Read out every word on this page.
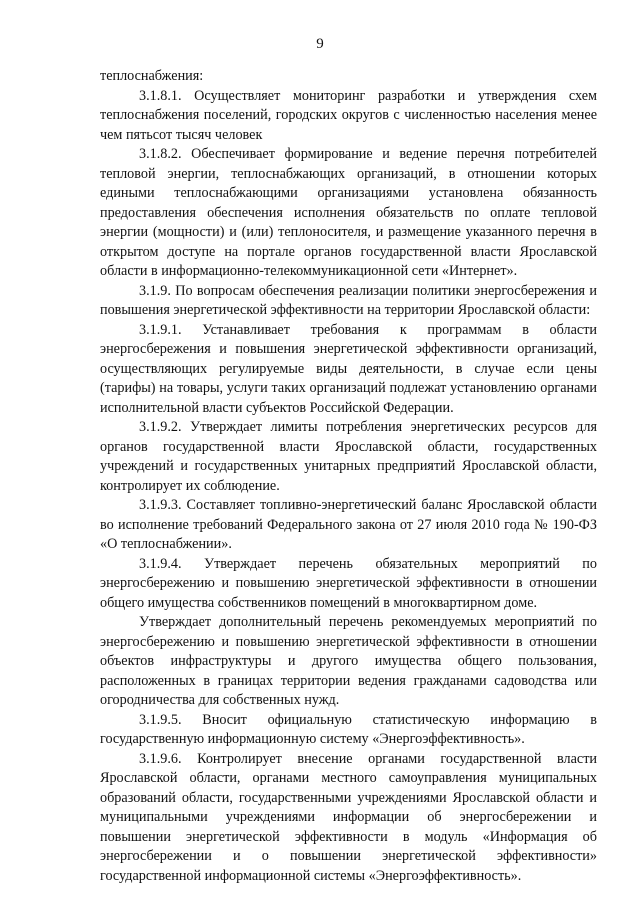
9

теплоснабжения:

3.1.8.1. Осуществляет мониторинг разработки и утверждения схем теплоснабжения поселений, городских округов с численностью населения менее чем пятьсот тысяч человек

3.1.8.2. Обеспечивает формирование и ведение перечня потребителей тепловой энергии, теплоснабжающих организаций, в отношении которых едиными теплоснабжающими организациями установлена обязанность предоставления обеспечения исполнения обязательств по оплате тепловой энергии (мощности) и (или) теплоносителя, и размещение указанного перечня в открытом доступе на портале органов государственной власти Ярославской области в информационно-телекоммуникационной сети «Интернет».

3.1.9. По вопросам обеспечения реализации политики энергосбережения и повышения энергетической эффективности на территории Ярославской области:

3.1.9.1. Устанавливает требования к программам в области энергосбережения и повышения энергетической эффективности организаций, осуществляющих регулируемые виды деятельности, в случае если цены (тарифы) на товары, услуги таких организаций подлежат установлению органами исполнительной власти субъектов Российской Федерации.

3.1.9.2. Утверждает лимиты потребления энергетических ресурсов для органов государственной власти Ярославской области, государственных учреждений и государственных унитарных предприятий Ярославской области, контролирует их соблюдение.

3.1.9.3. Составляет топливно-энергетический баланс Ярославской области во исполнение требований Федерального закона от 27 июля 2010 года № 190-ФЗ «О теплоснабжении».

3.1.9.4. Утверждает перечень обязательных мероприятий по энергосбережению и повышению энергетической эффективности в отношении общего имущества собственников помещений в многоквартирном доме.

Утверждает дополнительный перечень рекомендуемых мероприятий по энергосбережению и повышению энергетической эффективности в отношении объектов инфраструктуры и другого имущества общего пользования, расположенных в границах территории ведения гражданами садоводства или огородничества для собственных нужд.

3.1.9.5. Вносит официальную статистическую информацию в государственную информационную систему «Энергоэффективность».

3.1.9.6. Контролирует внесение органами государственной власти Ярославской области, органами местного самоуправления муниципальных образований области, государственными учреждениями Ярославской области и муниципальными учреждениями информации об энергосбережении и повышении энергетической эффективности в модуль «Информация об энергосбережении и о повышении энергетической эффективности» государственной информационной системы «Энергоэффективность».
